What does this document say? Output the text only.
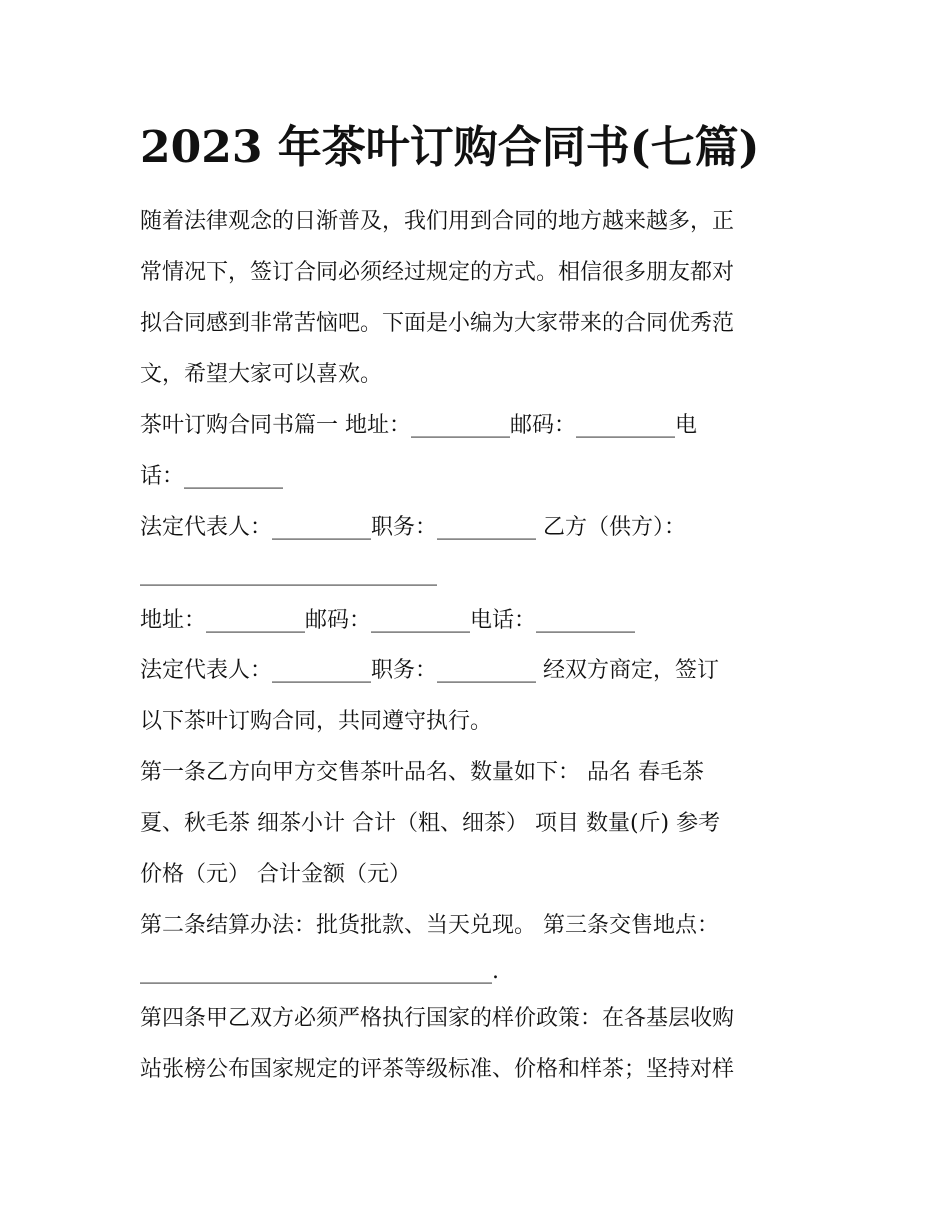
2023 年茶叶订购合同书(七篇)

随着法律观念的日渐普及，我们用到合同的地方越来越多，正

常情况下，签订合同必须经过规定的方式。相信很多朋友都对

拟合同感到非常苦恼吧。下面是小编为大家带来的合同优秀范

文，希望大家可以喜欢。

茶叶订购合同书篇一 地址：_________邮码：_________电

话：_________

法定代表人：_________职务：_________ 乙方（供方）：

___________________________

地址：_________邮码：_________电话：_________

法定代表人：_________职务：_________ 经双方商定，签订

以下茶叶订购合同，共同遵守执行。

第一条乙方向甲方交售茶叶品名、数量如下： 品名 春毛茶

夏、秋毛茶 细茶小计 合计（粗、细茶） 项目 数量(斤) 参考

价格（元） 合计金额（元）

第二条结算办法：批货批款、当天兑现。 第三条交售地点：

________________________________.

第四条甲乙双方必须严格执行国家的样价政策：在各基层收购

站张榜公布国家规定的评茶等级标准、价格和样茶；坚持对样
